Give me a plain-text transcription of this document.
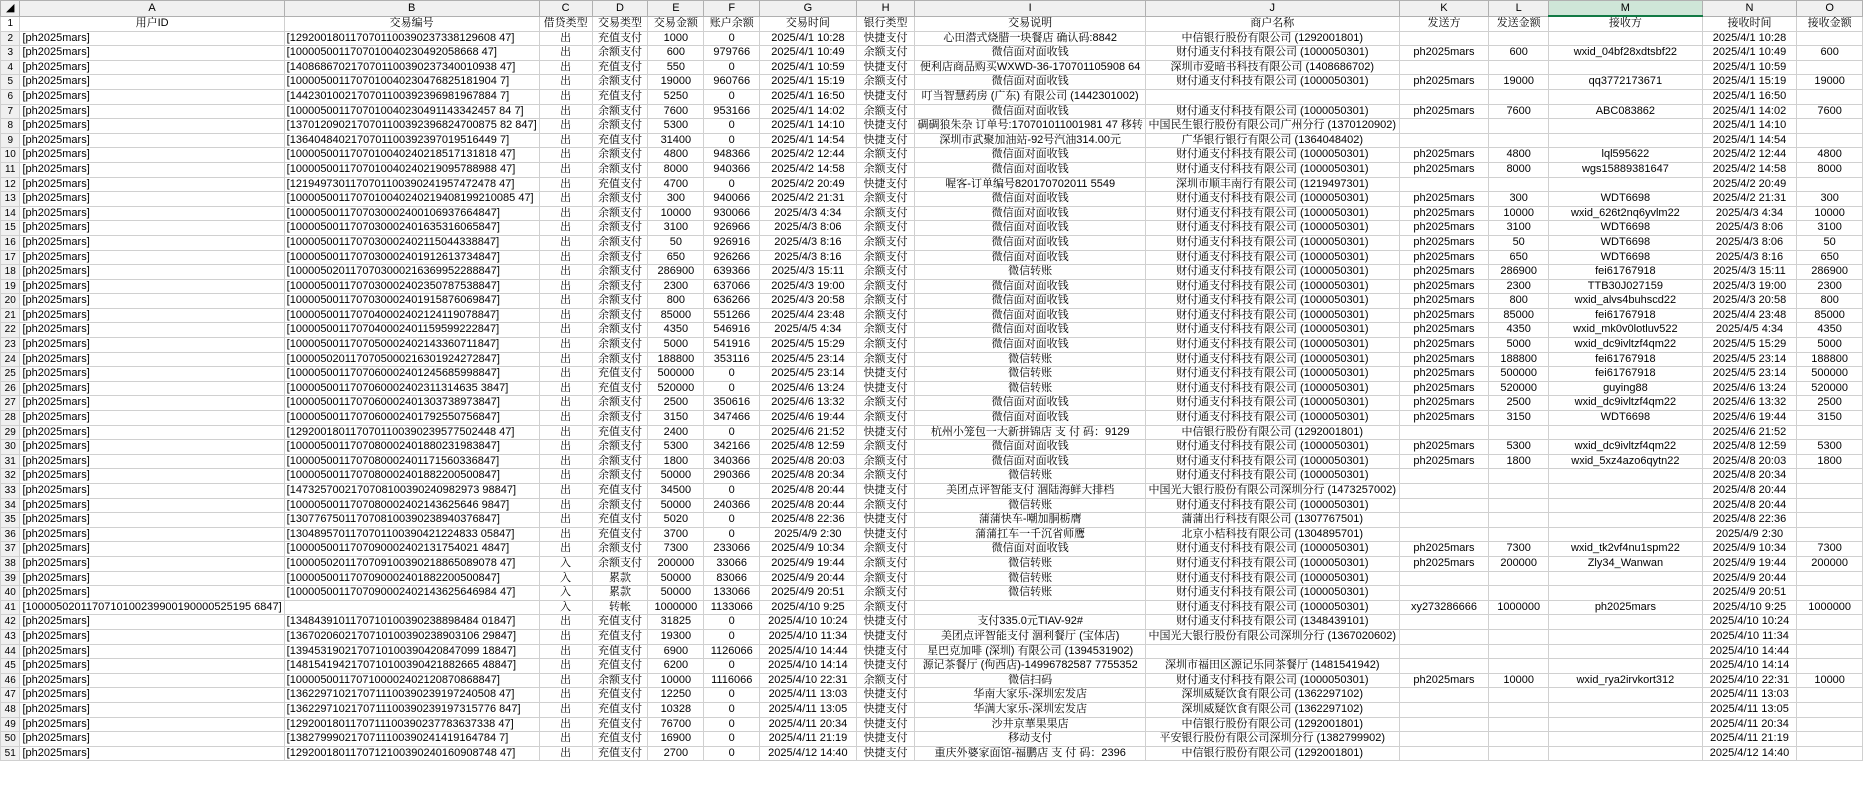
◢	A	B	C	D	E	F	G	H	I	J	K	L	M	N	O
1	用户ID	交易编号	借贷类型	交易类型	交易金额	账户余额	交易时间	银行类型	交易说明	商户名称	发送方	发送金额	接收方	接收时间	接收金额
2	[ph2025mars]	[1292001801170701100390237338129608 47]	出	充值支付	1000	0	2025/4/1 10:28	快捷支付	心田潜式烧腊一块餐店 确认码:8842	中信银行股份有限公司 (1292001801)				2025/4/1 10:28	
3	[ph2025mars]	[1000050011707010040230492058668 47]	出	余额支付	600	979766	2025/4/1 10:49	余额支付	微信面对面收钱	财付通支付科技有限公司 (1000050301)	ph2025mars	600	wxid_04bf28xdtsbf22	2025/4/1 10:49	600
4	[ph2025mars]	[1408686702170701100390237340010938 47]	出	充值支付	550	0	2025/4/1 10:59	快捷支付	便利店商品购买WXWD-36-170701105908 64	深圳市爱暗书科技有限公司 (1408686702)				2025/4/1 10:59	
5	[ph2025mars]	[1000050011707010040230476825181904 7]	出	余额支付	19000	960766	2025/4/1 15:19	余额支付	微信面对面收钱	财付通支付科技有限公司 (1000050301)	ph2025mars	19000	qq3772173671	2025/4/1 15:19	19000
6	[ph2025mars]	[1442301002170701100392396981967884 7]	出	充值支付	5250	0	2025/4/1 16:50	快捷支付	叮当智慧药房 (广东) 有限公司 (1442301002)					2025/4/1 16:50	
7	[ph2025mars]	[1000050011707010040230491143342457 84 7]	出	余额支付	7600	953166	2025/4/1 14:02	余额支付	微信面对面收钱	财付通支付科技有限公司 (1000050301)	ph2025mars	7600	ABC083862	2025/4/1 14:02	7600
8	[ph2025mars]	[1370120902170701100392396824700875 82 847]	出	余额支付	5300	0	2025/4/1 14:10	快捷支付	碉碉狼朱杂 订单号:170701011001981 47 移转	中国民生银行股份有限公司广州分行 (1370120902)				2025/4/1 14:10	
9	[ph2025mars]	[1364048402170701100392397019516449 7]	出	充值支付	31400	0	2025/4/1 14:54	快捷支付	深圳市武聚加油站-92号汽油314.00元	广华银行银行有限公司 (1364048402)				2025/4/1 14:54	
10	[ph2025mars]	[1000050011707010040240218517131818 47]	出	余额支付	4800	948366	2025/4/2 12:44	余额支付	微信面对面收钱	财付通支付科技有限公司 (1000050301)	ph2025mars	4800	lql595622	2025/4/2 12:44	4800
11	[ph2025mars]	[1000050011707010040240219095788988 47]	出	余额支付	8000	940366	2025/4/2 14:58	余额支付	微信面对面收钱	财付通支付科技有限公司 (1000050301)	ph2025mars	8000	wgs15889381647	2025/4/2 14:58	8000
12	[ph2025mars]	[1219497301170701100390241957472478 47]	出	充值支付	4700	0	2025/4/2 20:49	快捷支付	喔客-订单编号820170702011 5549	深圳市顺丰南行有限公司 (1219497301)				2025/4/2 20:49	
13	[ph2025mars]	[1000050011707010040240219408199210085 47]	出	余额支付	300	940066	2025/4/2 21:31	余额支付	微信面对面收钱	财付通支付科技有限公司 (1000050301)	ph2025mars	300	WDT6698	2025/4/2 21:31	300
14	[ph2025mars]	[1000050011707030002400106937664847]	出	余额支付	10000	930066	2025/4/3 4:34	余额支付	微信面对面收钱	财付通支付科技有限公司 (1000050301)	ph2025mars	10000	wxid_626t2nq6yvlm22	2025/4/3 4:34	10000
15	[ph2025mars]	[1000050011707030002401635316065847]	出	余额支付	3100	926966	2025/4/3 8:06	余额支付	微信面对面收钱	财付通支付科技有限公司 (1000050301)	ph2025mars	3100	WDT6698	2025/4/3 8:06	3100
16	[ph2025mars]	[1000050011707030002402115044338847]	出	余额支付	50	926916	2025/4/3 8:16	余额支付	微信面对面收钱	财付通支付科技有限公司 (1000050301)	ph2025mars	50	WDT6698	2025/4/3 8:06	50
17	[ph2025mars]	[1000050011707030002401912613734847]	出	余额支付	650	926266	2025/4/3 8:16	余额支付	微信面对面收钱	财付通支付科技有限公司 (1000050301)	ph2025mars	650	WDT6698	2025/4/3 8:16	650
18	[ph2025mars]	[1000050201170703000216369952288847]	出	余额支付	286900	639366	2025/4/3 15:11	余额支付	微信转账	财付通支付科技有限公司 (1000050301)	ph2025mars	286900	fei61767918	2025/4/3 15:11	286900
19	[ph2025mars]	[1000050011707030002402350787538847]	出	余额支付	2300	637066	2025/4/3 19:00	余额支付	微信面对面收钱	财付通支付科技有限公司 (1000050301)	ph2025mars	2300	TTB30J027159	2025/4/3 19:00	2300
20	[ph2025mars]	[1000050011707030002401915876069847]	出	余额支付	800	636266	2025/4/3 20:58	余额支付	微信面对面收钱	财付通支付科技有限公司 (1000050301)	ph2025mars	800	wxid_alvs4buhscd22	2025/4/3 20:58	800
21	[ph2025mars]	[1000050011707040002402124119078847]	出	余额支付	85000	551266	2025/4/4 23:48	余额支付	微信面对面收钱	财付通支付科技有限公司 (1000050301)	ph2025mars	85000	fei61767918	2025/4/4 23:48	85000
22	[ph2025mars]	[1000050011707040002401159599222847]	出	余额支付	4350	546916	2025/4/5 4:34	余额支付	微信面对面收钱	财付通支付科技有限公司 (1000050301)	ph2025mars	4350	wxid_mk0v0lotluv522	2025/4/5 4:34	4350
23	[ph2025mars]	[1000050011707050002402143360711847]	出	余额支付	5000	541916	2025/4/5 15:29	余额支付	微信面对面收钱	财付通支付科技有限公司 (1000050301)	ph2025mars	5000	wxid_dc9ivltzf4qm22	2025/4/5 15:29	5000
24	[ph2025mars]	[1000050201170705000216301924272847]	出	余额支付	188800	353116	2025/4/5 23:14	余额支付	微信转账	财付通支付科技有限公司 (1000050301)	ph2025mars	188800	fei61767918	2025/4/5 23:14	188800
25	[ph2025mars]	[1000050011707060002401245685998847]	出	充值支付	500000	0	2025/4/5 23:14	快捷支付	微信转账	财付通支付科技有限公司 (1000050301)	ph2025mars	500000	fei61767918	2025/4/5 23:14	500000
26	[ph2025mars]	[1000050011707060002402311314635 3847]	出	充值支付	520000	0	2025/4/6 13:24	快捷支付	微信转账	财付通支付科技有限公司 (1000050301)	ph2025mars	520000	guying88	2025/4/6 13:24	520000
27	[ph2025mars]	[1000050011707060002401303738973847]	出	余额支付	2500	350616	2025/4/6 13:32	余额支付	微信面对面收钱	财付通支付科技有限公司 (1000050301)	ph2025mars	2500	wxid_dc9ivltzf4qm22	2025/4/6 13:32	2500
28	[ph2025mars]	[1000050011707060002401792550756847]	出	余额支付	3150	347466	2025/4/6 19:44	余额支付	微信面对面收钱	财付通支付科技有限公司 (1000050301)	ph2025mars	3150	WDT6698	2025/4/6 19:44	3150
29	[ph2025mars]	[1292001801170701100390239577502448 47]	出	充值支付	2400	0	2025/4/6 21:52	快捷支付	杭州小笼包一大新拼锦店 支 付 码：9129	中信银行股份有限公司 (1292001801)				2025/4/6 21:52	
30	[ph2025mars]	[1000050011707080002401880231983847]	出	余额支付	5300	342166	2025/4/8 12:59	余额支付	微信面对面收钱	财付通支付科技有限公司 (1000050301)	ph2025mars	5300	wxid_dc9ivltzf4qm22	2025/4/8 12:59	5300
31	[ph2025mars]	[1000050011707080002401171560336847]	出	余额支付	1800	340366	2025/4/8 20:03	余额支付	微信面对面收钱	财付通支付科技有限公司 (1000050301)	ph2025mars	1800	wxid_5xz4azo6qytn22	2025/4/8 20:03	1800
32	[ph2025mars]	[1000050011707080002401882200500847]	出	余额支付	50000	290366	2025/4/8 20:34	余额支付	微信转账	财付通支付科技有限公司 (1000050301)				2025/4/8 20:34	
33	[ph2025mars]	[1473257002170708100390240982973 98847]	出	充值支付	34500	0	2025/4/8 20:44	快捷支付	美团点评智能支付 涸陆海鲜大排档	中国光大银行股份有限公司深圳分行 (1473257002)				2025/4/8 20:44	
34	[ph2025mars]	[1000050011707080002402143625646 9847]	出	余额支付	50000	240366	2025/4/8 20:44	余额支付	微信转账	财付通支付科技有限公司 (1000050301)				2025/4/8 20:44	
35	[ph2025mars]	[1307767501170708100390238940376847]	出	充值支付	5020	0	2025/4/8 22:36	快捷支付	蒲蒲快车-嘲加胴栃膺	蒲蒲出行科技有限公司 (1307767501)				2025/4/8 22:36	
36	[ph2025mars]	[1304895701170701100390421224833 05847]	出	充值支付	3700	0	2025/4/9 2:30	快捷支付	蒲蒲扛车一千沉省师鹰	北京小桔科技有限公司 (1304895701)				2025/4/9 2:30	
37	[ph2025mars]	[1000050011707090002402131754021 4847]	出	余额支付	7300	233066	2025/4/9 10:34	余额支付	微信面对面收钱	财付通支付科技有限公司 (1000050301)	ph2025mars	7300	wxid_tk2vf4nu1spm22	2025/4/9 10:34	7300
38	[ph2025mars]	[1000050201170709100390218865089078 47]	入	余额支付	200000	33066	2025/4/9 19:44	余额支付	微信转账	财付通支付科技有限公司 (1000050301)	ph2025mars	200000	Zly34_Wanwan	2025/4/9 19:44	200000
39	[ph2025mars]	[1000050011707090002401882200500847]	入	累款	50000	83066	2025/4/9 20:44	余额支付	微信转账	财付通支付科技有限公司 (1000050301)				2025/4/9 20:44	
40	[ph2025mars]	[1000050011707090002402143625646984 47]	入	累款	50000	133066	2025/4/9 20:51	余额支付	微信转账	财付通支付科技有限公司 (1000050301)				2025/4/9 20:51	
41	[1000050201170710100239900190000525195 6847]		入	转帐	1000000	1133066	2025/4/10 9:25	余额支付		财付通支付科技有限公司 (1000050301)	xy273286666	1000000	ph2025mars	2025/4/10 9:25	1000000
42	[ph2025mars]	[1348439101170710100390238898484 01847]	出	充值支付	31825	0	2025/4/10 10:24	快捷支付	支付335.0元TIAV-92#	财付通支付科技有限公司 (1348439101)				2025/4/10 10:24	
43	[ph2025mars]	[1367020602170710100390238903106 29847]	出	充值支付	19300	0	2025/4/10 11:34	快捷支付	美团点评智能支付 涸利餐厅 (宝体店)	中国光大银行股份有限公司深圳分行 (1367020602)				2025/4/10 11:34	
44	[ph2025mars]	[1394531902170710100390420847099 18847]	出	充值支付	6900	1126066	2025/4/10 14:44	快捷支付	星巴克加啡 (深圳) 有限公司 (1394531902)					2025/4/10 14:44	
45	[ph2025mars]	[1481541942170710100390421882665 48847]	出	充值支付	6200	0	2025/4/10 14:14	快捷支付	源记茶餐厅 (佝西店)-14996782587 7755352	深圳市福田区源记乐同茶餐厅 (1481541942)				2025/4/10 14:14	
46	[ph2025mars]	[1000050011707100002402120870868847]	出	余额支付	10000	1116066	2025/4/10 22:31	余额支付	微信扫码	财付通支付科技有限公司 (1000050301)	ph2025mars	10000	wxid_rya2irvkort312	2025/4/10 22:31	10000
47	[ph2025mars]	[1362297102170711100390239197240508 47]	出	充值支付	12250	0	2025/4/11 13:03	快捷支付	华南大家乐-深圳宏发店	深圳威疑饮食有限公司 (1362297102)				2025/4/11 13:03	
48	[ph2025mars]	[1362297102170711100390239197315776 847]	出	充值支付	10328	0	2025/4/11 13:05	快捷支付	华满大家乐-深圳宏发店	深圳威疑饮食有限公司 (1362297102)				2025/4/11 13:05	
49	[ph2025mars]	[1292001801170711100390237783637338 47]	出	充值支付	76700	0	2025/4/11 20:34	快捷支付	沙井京華果果店	中信银行股份有限公司 (1292001801)				2025/4/11 20:34	
50	[ph2025mars]	[1382799902170711100390241419164784 7]	出	充值支付	16900	0	2025/4/11 21:19	快捷支付	移动支付	平安银行股份有限公司深圳分行 (1382799902)				2025/4/11 21:19	
51	[ph2025mars]	[1292001801170712100390240160908748 47]	出	充值支付	2700	0	2025/4/12 14:40	快捷支付	重庆外婆家面馆-福鹏店 支 付 码：2396	中信银行股份有限公司 (1292001801)				2025/4/12 14:40	
